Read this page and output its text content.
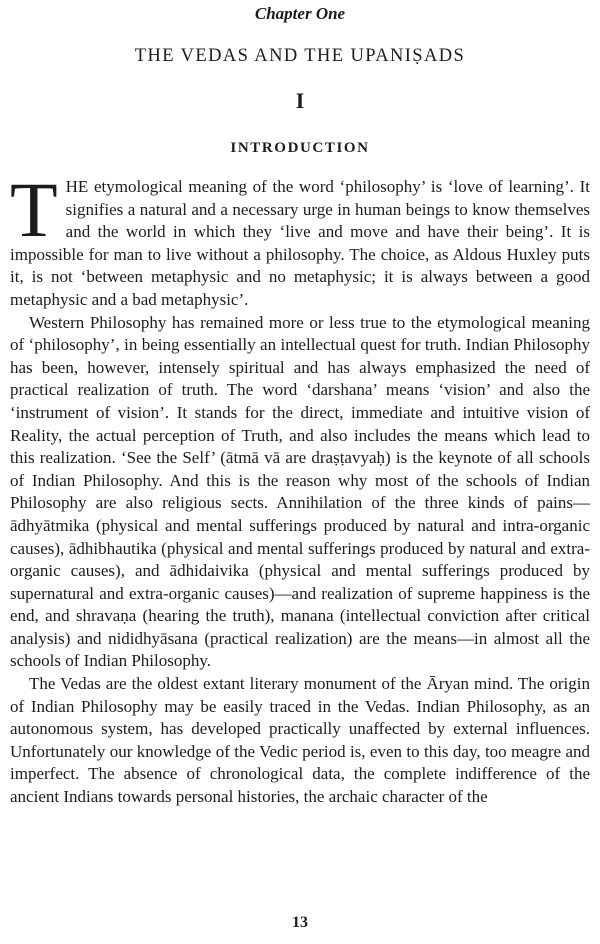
Chapter One

THE VEDAS AND THE UPANIṢADS
I
INTRODUCTION

THE etymological meaning of the word ‘philosophy’ is ‘love of learning’. It signifies a natural and a necessary urge in human beings to know themselves and the world in which they ‘live and move and have their being’. It is impossible for man to live without a philosophy. The choice, as Aldous Huxley puts it, is not ‘between metaphysic and no metaphysic; it is always between a good metaphysic and a bad metaphysic’.

Western Philosophy has remained more or less true to the etymological meaning of ‘philosophy’, in being essentially an intellectual quest for truth. Indian Philosophy has been, however, intensely spiritual and has always emphasized the need of practical realization of truth. The word ‘darshana’ means ‘vision’ and also the ‘instrument of vision’. It stands for the direct, immediate and intuitive vision of Reality, the actual perception of Truth, and also includes the means which lead to this realization. ‘See the Self’ (ātmā vā are draṣṭavyaḥ) is the keynote of all schools of Indian Philosophy. And this is the reason why most of the schools of Indian Philosophy are also religious sects. Annihilation of the three kinds of pains—ādhyātmika (physical and mental sufferings produced by natural and intra-organic causes), ādhibhautika (physical and mental sufferings produced by natural and extra-organic causes), and ādhidaivika (physical and mental sufferings produced by supernatural and extra-organic causes)—and realization of supreme happiness is the end, and shravaṇa (hearing the truth), manana (intellectual conviction after critical analysis) and nididhyāsana (practical realization) are the means—in almost all the schools of Indian Philosophy.

The Vedas are the oldest extant literary monument of the Āryan mind. The origin of Indian Philosophy may be easily traced in the Vedas. Indian Philosophy, as an autonomous system, has developed practically unaffected by external influences. Unfortunately our knowledge of the Vedic period is, even to this day, too meagre and imperfect. The absence of chronological data, the complete indifference of the ancient Indians towards personal histories, the archaic character of the

13
